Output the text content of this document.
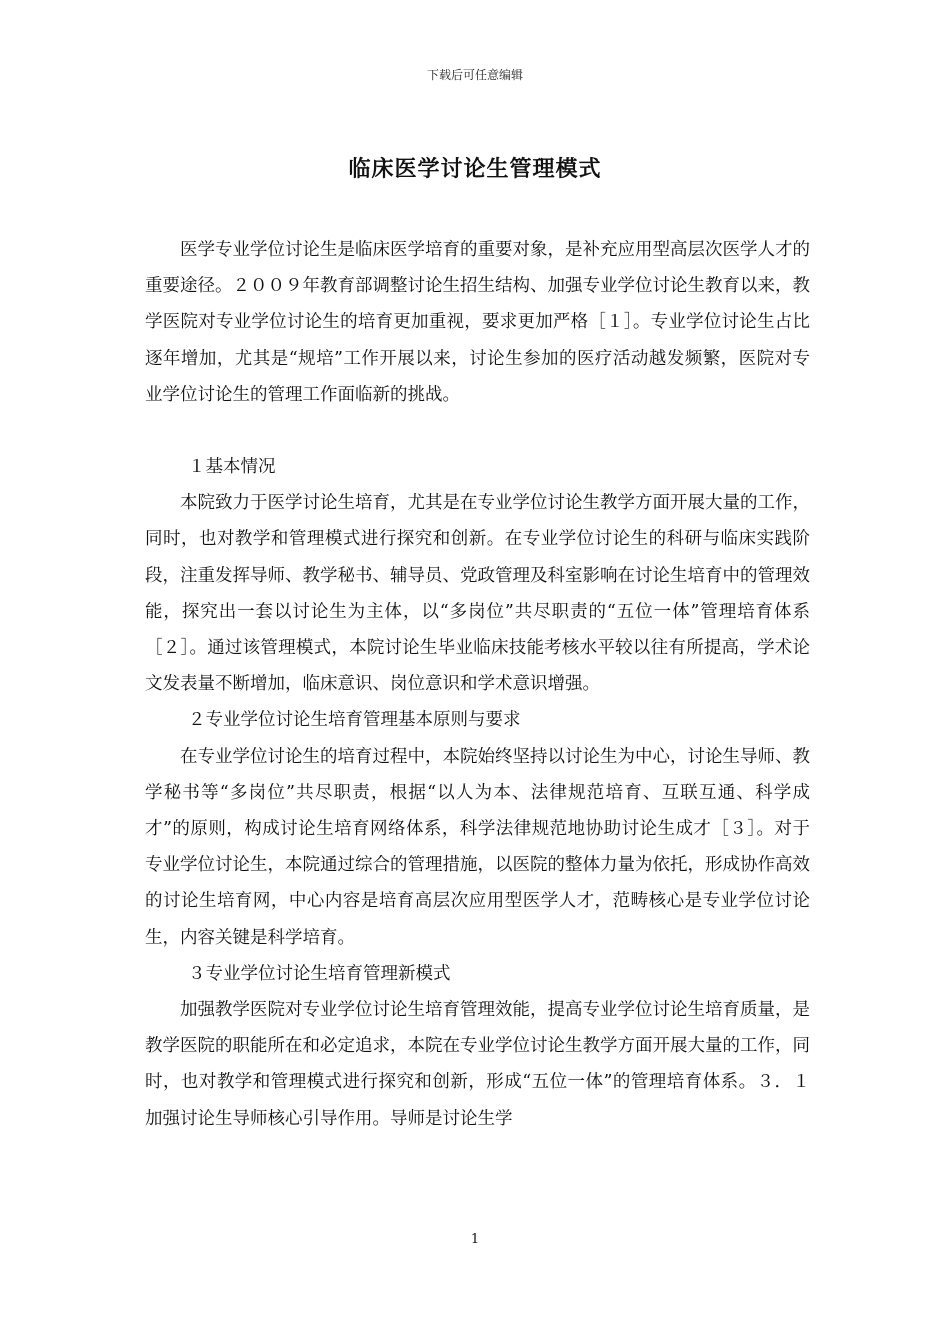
下载后可任意编辑
临床医学讨论生管理模式

医学专业学位讨论生是临床医学培育的重要对象，是补充应用型高层次医学人才的重要途径。２００９年教育部调整讨论生招生结构、加强专业学位讨论生教育以来，教学医院对专业学位讨论生的培育更加重视，要求更加严格［１］。专业学位讨论生占比逐年增加，尤其是“规培”工作开展以来，讨论生参加的医疗活动越发频繁，医院对专业学位讨论生的管理工作面临新的挑战。

１基本情况

本院致力于医学讨论生培育，尤其是在专业学位讨论生教学方面开展大量的工作，同时，也对教学和管理模式进行探究和创新。在专业学位讨论生的科研与临床实践阶段，注重发挥导师、教学秘书、辅导员、党政管理及科室影响在讨论生培育中的管理效能，探究出一套以讨论生为主体，以“多岗位”共尽职责的“五位一体”管理培育体系［２］。通过该管理模式，本院讨论生毕业临床技能考核水平较以往有所提高，学术论文发表量不断增加，临床意识、岗位意识和学术意识增强。

２专业学位讨论生培育管理基本原则与要求

在专业学位讨论生的培育过程中，本院始终坚持以讨论生为中心，讨论生导师、教学秘书等“多岗位”共尽职责，根据“以人为本、法律规范培育、互联互通、科学成才”的原则，构成讨论生培育网络体系，科学法律规范地协助讨论生成才［３］。对于专业学位讨论生，本院通过综合的管理措施，以医院的整体力量为依托，形成协作高效的讨论生培育网，中心内容是培育高层次应用型医学人才，范畴核心是专业学位讨论生，内容关键是科学培育。

３专业学位讨论生培育管理新模式

加强教学医院对专业学位讨论生培育管理效能，提高专业学位讨论生培育质量，是教学医院的职能所在和必定追求，本院在专业学位讨论生教学方面开展大量的工作，同时，也对教学和管理模式进行探究和创新，形成“五位一体”的管理培育体系。３．１加强讨论生导师核心引导作用。导师是讨论生学

1
